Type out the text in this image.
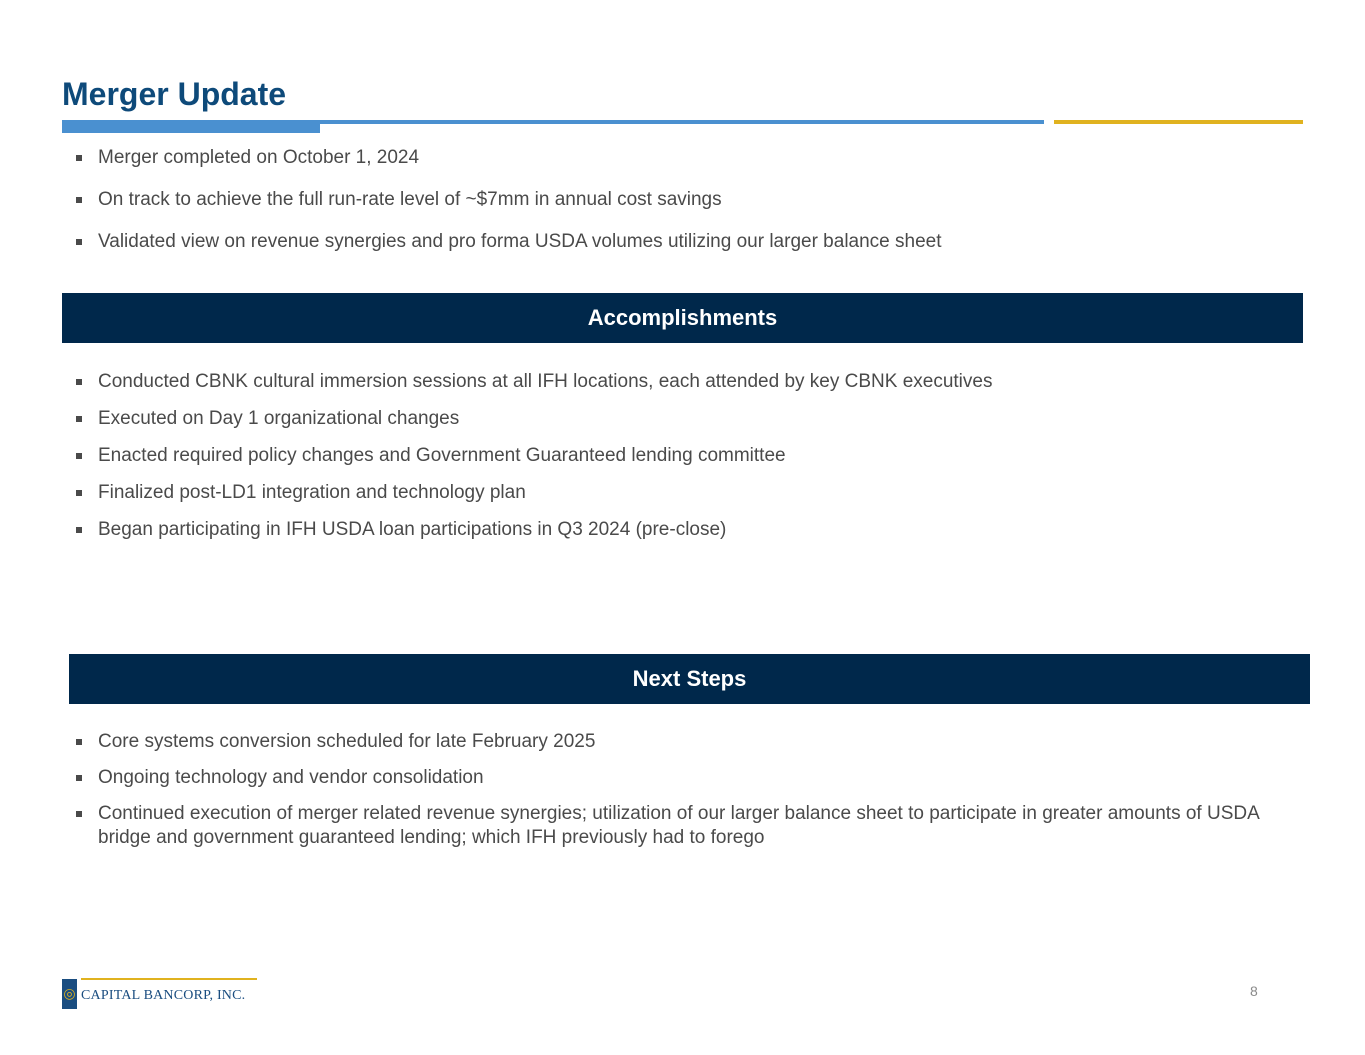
Merger Update
Merger completed on October 1, 2024
On track to achieve the full run-rate level of ~$7mm in annual cost savings
Validated view on revenue synergies and pro forma USDA volumes utilizing our larger balance sheet
Accomplishments
Conducted CBNK cultural immersion sessions at all IFH locations, each attended by key CBNK executives
Executed on Day 1 organizational changes
Enacted required policy changes and Government Guaranteed lending committee
Finalized post-LD1 integration and technology plan
Began participating in IFH USDA loan participations in Q3 2024 (pre-close)
Next Steps
Core systems conversion scheduled for late February 2025
Ongoing technology and vendor consolidation
Continued execution of merger related revenue synergies; utilization of our larger balance sheet to participate in greater amounts of USDA bridge and government guaranteed lending; which IFH previously had to forego
◎ CAPITAL BANCORP, INC.	8
